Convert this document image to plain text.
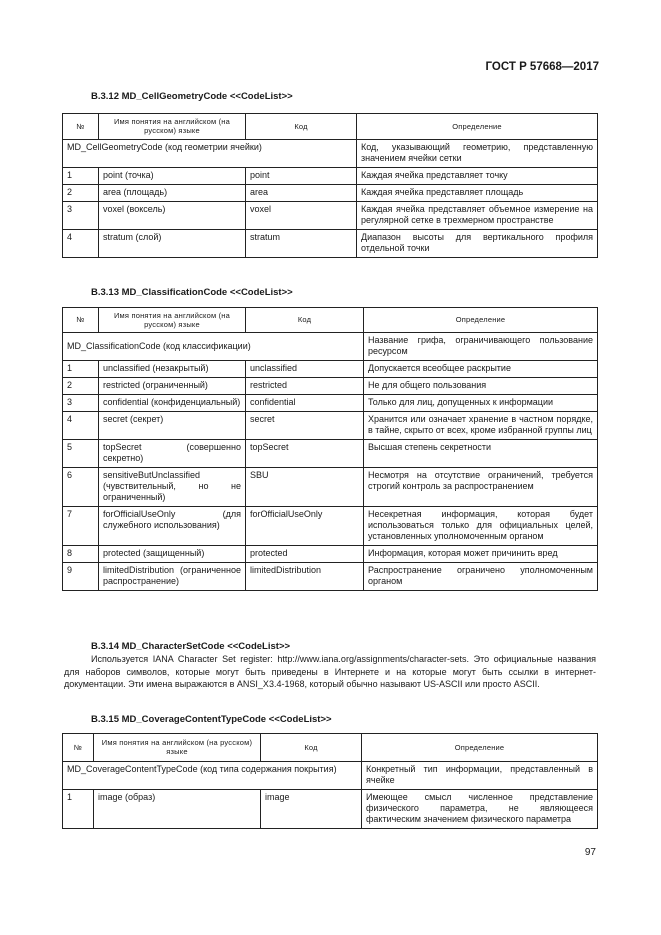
ГОСТ Р 57668—2017
B.3.12 MD_CellGeometryCode <<CodeList>>
№	Имя понятия на английском (на русском) языке	Код	Определение
MD_CellGeometryCode (код геометрии ячейки)			Код, указывающий геометрию, представленную значением ячейки сетки
1	point (точка)	point	Каждая ячейка представляет точку
2	area (площадь)	area	Каждая ячейка представляет площадь
3	voxel (воксель)	voxel	Каждая ячейка представляет объемное измерение на регулярной сетке в трехмерном пространстве
4	stratum (слой)	stratum	Диапазон высоты для вертикального профиля отдельной точки
B.3.13 MD_ClassificationCode <<CodeList>>
№	Имя понятия на английском (на русском) языке	Код	Определение
MD_ClassificationCode (код классификации)			Название грифа, ограничивающего пользование ресурсом
1	unclassified (незакрытый)	unclassified	Допускается всеобщее раскрытие
2	restricted (ограниченный)	restricted	Не для общего пользования
3	confidential (конфиденциальный)	confidential	Только для лиц, допущенных к информации
4	secret (секрет)	secret	Хранится или означает хранение в частном порядке, в тайне, скрыто от всех, кроме избранной группы лиц
5	topSecret (совершенно секретно)	topSecret	Высшая степень секретности
6	sensitiveButUnclassified (чувствительный, но не ограниченный)	SBU	Несмотря на отсутствие ограничений, требуется строгий контроль за распространением
7	forOfficialUseOnly (для служебного использования)	forOfficialUseOnly	Несекретная информация, которая будет использоваться только для официальных целей, установленных уполномоченным органом
8	protected (защищенный)	protected	Информация, которая может причинить вред
9	limitedDistribution (ограниченное распространение)	limitedDistribution	Распространение ограничено уполномоченным органом
B.3.14 MD_CharacterSetCode <<CodeList>>
Используется IANA Character Set register: http://www.iana.org/assignments/character-sets. Это официальные названия для наборов символов, которые могут быть приведены в Интернете и на которые могут быть ссылки в интернет-документации. Эти имена выражаются в ANSI_X3.4-1968, который обычно называют US-ASCII или просто ASCII.
B.3.15 MD_CoverageContentTypeCode <<CodeList>>
№	Имя понятия на английском (на русском) языке	Код	Определение
MD_CoverageContentTypeCode (код типа содержания покрытия)			Конкретный тип информации, представленный в ячейке
1	image (образ)	image	Имеющее смысл численное представление физического параметра, не являющееся фактическим значением физического параметра
97
